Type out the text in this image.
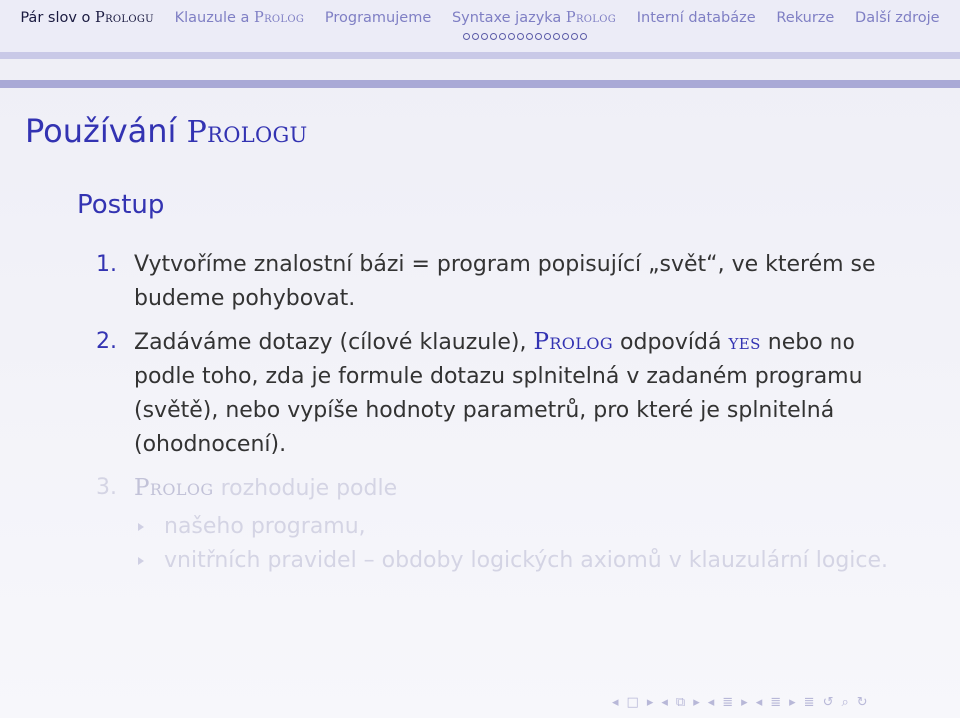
Pár slov o Prologu Klauzule a Prolog Programujeme Syntaxe jazyka Prolog Interní databáze Rekurze Další zdroje
Používání Prologu
Postup
1. Vytvoříme znalostní bázi = program popisující „svět“, ve kterém se budeme pohybovat.
2. Zadáváme dotazy (cílové klauzule), Prolog odpovídá yes nebo no podle toho, zda je formule dotazu splnitelná v zadaném programu (světě), nebo vypíše hodnoty parametrů, pro které je splnitelná (ohodnocení).
3. Prolog rozhoduje podle
našeho programu,
vnitřních pravidel – obdoby logických axiomů v klauzulární logice.
◂ □ ▸ ◂ ⧉ ▸ ◂ ≣ ▸ ◂ ≣ ▸ ≣ ↺ ⌕ ↻
